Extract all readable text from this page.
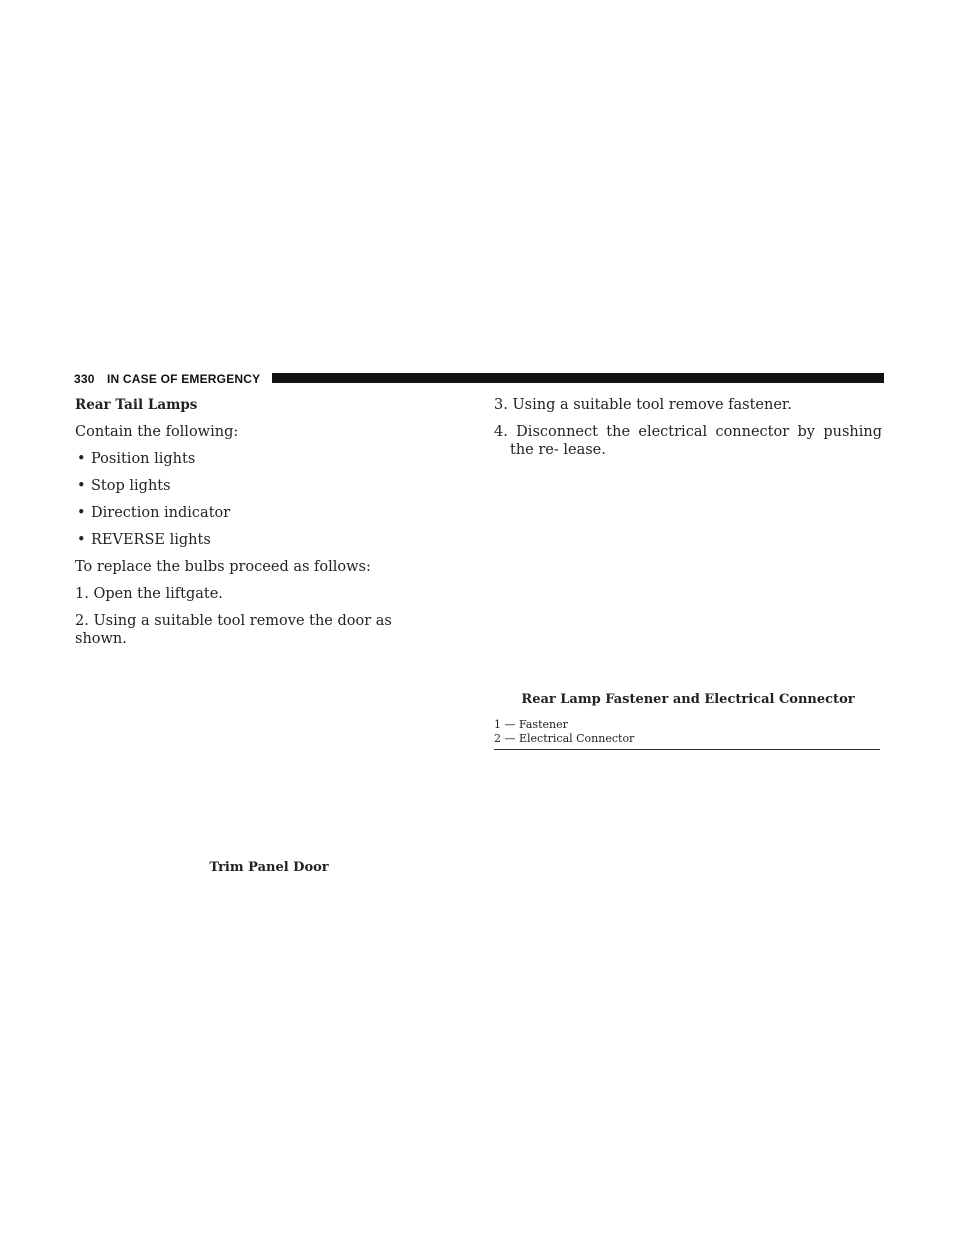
330 IN CASE OF EMERGENCY
Rear Tail Lamps
Contain the following:
• Position lights
• Stop lights
• Direction indicator
• REVERSE lights
To replace the bulbs proceed as follows:
1. Open the liftgate.
2. Using a suitable tool remove the door as shown.
Trim Panel Door
3. Using a suitable tool remove fastener.
4. Disconnect the electrical connector by pushing the re- lease.
Rear Lamp Fastener and Electrical Connector
1 — Fastener
2 — Electrical Connector
